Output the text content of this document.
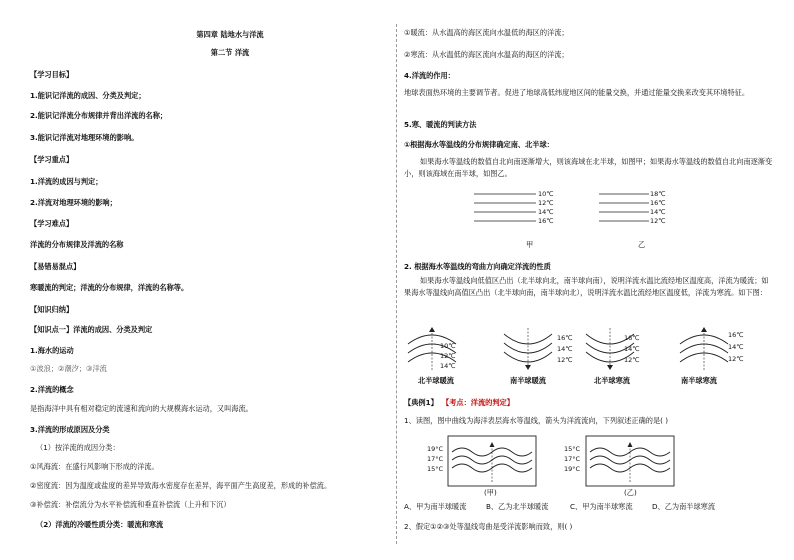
第四章 陆地水与洋流
第二节 洋流
【学习目标】
1.能识记洋流的成因、分类及判定；
2.能识记洋流分布规律并背出洋流的名称；
3.能识记洋流对地理环境的影响。
【学习重点】
1.洋流的成因与判定；
2.洋流对地理环境的影响；
【学习难点】
洋流的分布规律及洋流的名称
【易错易混点】
寒暖流的判定；洋流的分布规律，洋流的名称等。
【知识归纳】
【知识点一】洋流的成因、分类及判定
1.海水的运动
①波浪；②潮汐；③洋流
2.洋流的概念
是指海洋中具有相对稳定的流速和流向的大规模海水运动，又叫海流。
3.洋流的形成原因及分类
（1）按洋流的成因分类：
①风海流：在盛行风影响下形成的洋流。
②密度流：因为温度或盐度的差异导致海水密度存在差异，海平面产生高度差，形成的补偿流。
③补偿流：补偿流分为水平补偿流和垂直补偿流（上升和下沉）
（2）洋流的冷暖性质分类：暖流和寒流
①暖流：从水温高的海区流向水温低的海区的洋流；
②寒流：从水温低的海区流向水温高的海区的洋流；
4.洋流的作用：
地球表面热环境的主要调节者。促进了地球高低纬度地区间的能量交换，并通过能量交换来改变其环境特征。
5.寒、暖流的判读方法
①根据海水等温线的分布规律确定南、北半球：
如果海水等温线的数值自北向南逐渐增大，则该海域在北半球，如图甲；如果海水等温线的数值自北向南逐渐变小，则该海域在南半球，如图乙。
10℃
12℃
14℃
16℃
18℃
16℃
14℃
12℃
甲	乙
2. 根据海水等温线的弯曲方向确定洋流的性质
如果海水等温线向低值区凸出（北半球向北，南半球向南），说明洋流水温比流经地区温度高，洋流为暖流；如果海水等温线向高值区凸出（北半球向南，南半球向北），说明洋流水温比流经地区温度低，洋流为寒流。如下图：
10℃
12℃
14℃
16℃
14℃
12℃
16℃
14℃
12℃
16℃
14℃
12℃
北半球暖流	南半球暖流	北半球寒流	南半球寒流
【典例1】 【考点：洋流的判定】
1、读图，图中曲线为海洋表层海水等温线，箭头为洋流流向，下列叙述正确的是( )
19°C
17°C
15°C
(甲)
15°C
17°C
19°C
(乙)
A、甲为南半球暖流	B、乙为北半球暖流	C、甲为南半球寒流	D、乙为南半球寒流
2、假定①②③处等温线弯曲是受洋流影响而致，则( )
